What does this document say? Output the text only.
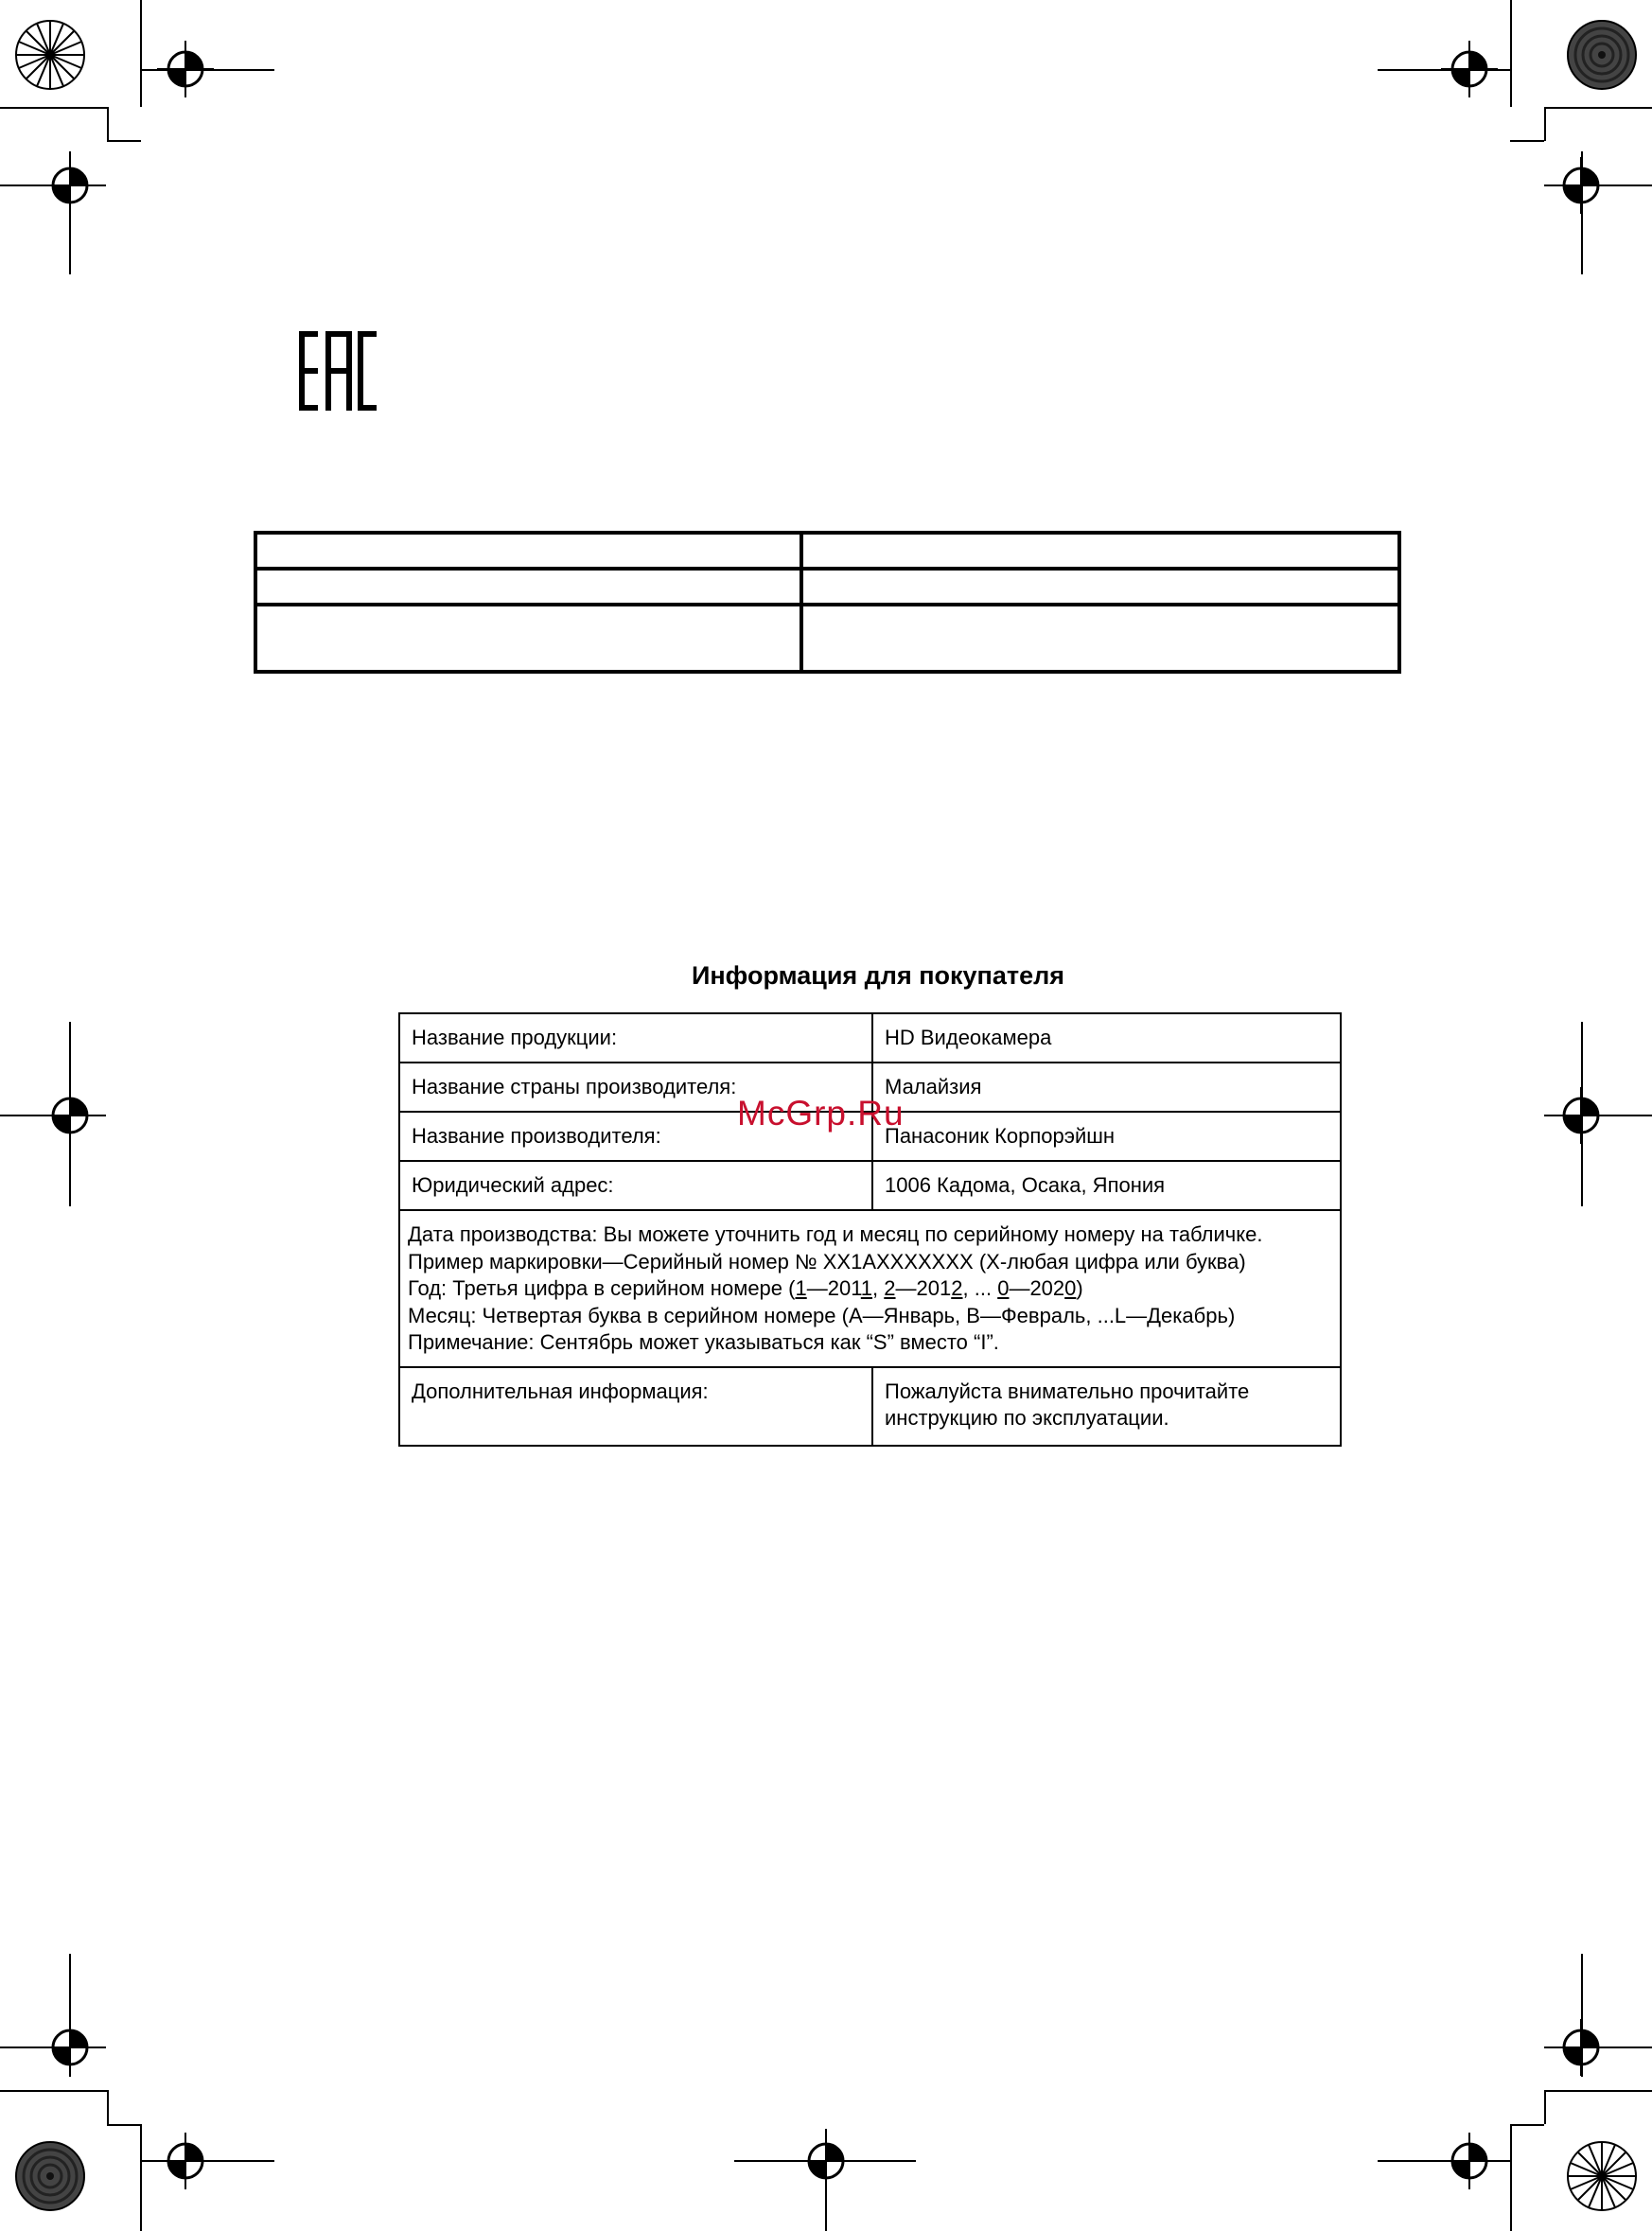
Информация для покупателя
Название продукции:	HD Видеокамера
Название страны производителя:	Малайзия
Название производителя:	Панасоник Корпорэйшн
Юридический адрес:	1006 Кадома, Осака, Япония

Дата производства: Вы можете уточнить год и месяц по серийному номеру на табличке.
Пример маркировки—Серийный номер № XX1AXXXXXXX (X-любая цифра или буква)
Год: Третья цифра в серийном номере (1—2011, 2—2012, ... 0—2020)
Месяц: Четвертая буква в серийном номере (A—Январь, B—Февраль, ...L—Декабрь)
Примечание: Сентябрь может указываться как “S” вместо “I”.	

Дополнительная информация:	Пожалуйста внимательно прочитайте
инструкцию по эксплуатации.
McGrp.Ru
